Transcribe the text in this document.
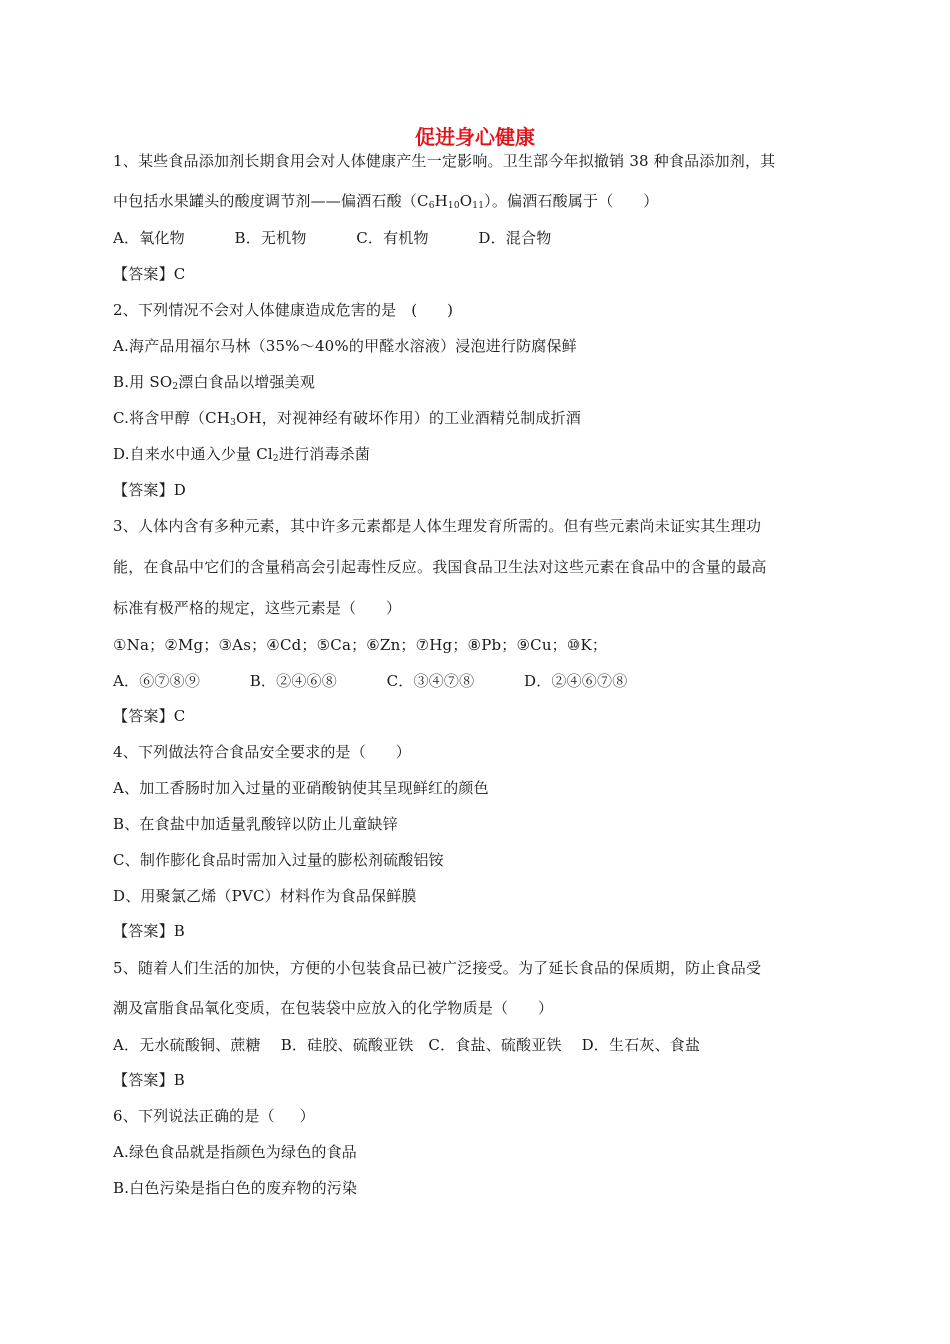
促进身心健康
1、某些食品添加剂长期食用会对人体健康产生一定影响。卫生部今年拟撤销 38 种食品添加剂，其
中包括水果罐头的酸度调节剂——偏酒石酸$(C_6H_{10}O_{11})$。偏酒石酸属于（      ）
A．氧化物          B．无机物          C．有机物          D．混合物
【答案】C
2、下列情况不会对人体健康造成危害的是   (      )
A.海产品用福尔马林（35%～40%的甲醛水溶液）浸泡进行防腐保鲜
B.用 $SO_2$漂白食品以增强美观
C.将含甲醇（$CH_3OH$，对视神经有破坏作用）的工业酒精兑制成折酒
D.自来水中通入少量 $Cl_2$进行消毒杀菌
【答案】D
3、人体内含有多种元素，其中许多元素都是人体生理发育所需的。但有些元素尚未证实其生理功
能，在食品中它们的含量稍高会引起毒性反应。我国食品卫生法对这些元素在食品中的含量的最高
标准有极严格的规定，这些元素是（      ）
①Na；②Mg；③As；④Cd；⑤Ca；⑥Zn；⑦Hg；⑧Pb；⑨Cu；⑩K；
A．⑥⑦⑧⑨          B．②④⑥⑧          C．③④⑦⑧          D．②④⑥⑦⑧
【答案】C
4、下列做法符合食品安全要求的是（      ）
A、加工香肠时加入过量的亚硝酸钠使其呈现鲜红的颜色
B、在食盐中加适量乳酸锌以防止儿童缺锌
C、制作膨化食品时需加入过量的膨松剂硫酸铝铵
D、用聚氯乙烯（PVC）材料作为食品保鲜膜
【答案】B
5、随着人们生活的加快，方便的小包装食品已被广泛接受。为了延长食品的保质期，防止食品受
潮及富脂食品氧化变质，在包装袋中应放入的化学物质是（      ）
A．无水硫酸铜、蔗糖    B．硅胶、硫酸亚铁   C．食盐、硫酸亚铁    D．生石灰、食盐
【答案】B
6、下列说法正确的是（     ）
A.绿色食品就是指颜色为绿色的食品
B.白色污染是指白色的废弃物的污染
